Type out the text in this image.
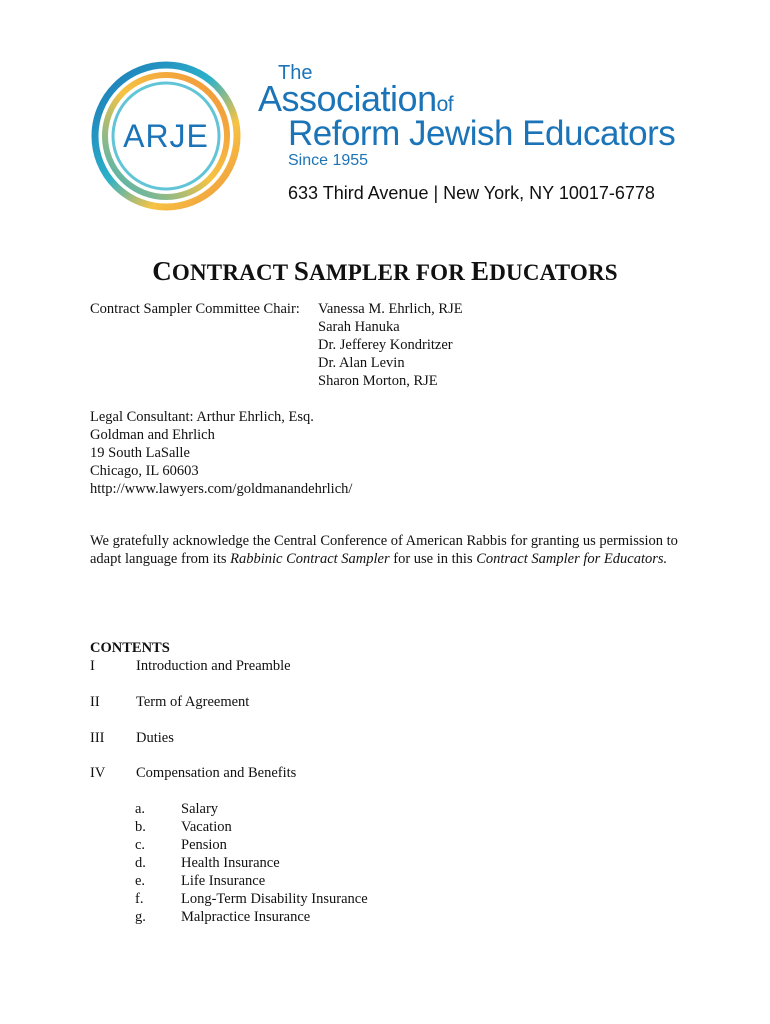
ARJE
The
Associationof
Reform Jewish Educators
Since 1955
633 Third Avenue | New York, NY 10017-6778
CONTRACT SAMPLER FOR EDUCATORS
Contract Sampler Committee Chair: Vanessa M. Ehrlich, RJE
Sarah Hanuka
Dr. Jefferey Kondritzer
Dr. Alan Levin
Sharon Morton, RJE
Legal Consultant: Arthur Ehrlich, Esq.
Goldman and Ehrlich
19 South LaSalle
Chicago, IL 60603
http://www.lawyers.com/goldmanandehrlich/
We gratefully acknowledge the Central Conference of American Rabbis for granting us permission to adapt language from its Rabbinic Contract Sampler for use in this Contract Sampler for Educators.
CONTENTS
I	Introduction and Preamble
II	Term of Agreement
III Duties
IV Compensation and Benefits
a. Salary
b. Vacation
c. Pension
d. Health Insurance
e. Life Insurance
f.	Long-Term Disability Insurance
g. Malpractice Insurance
